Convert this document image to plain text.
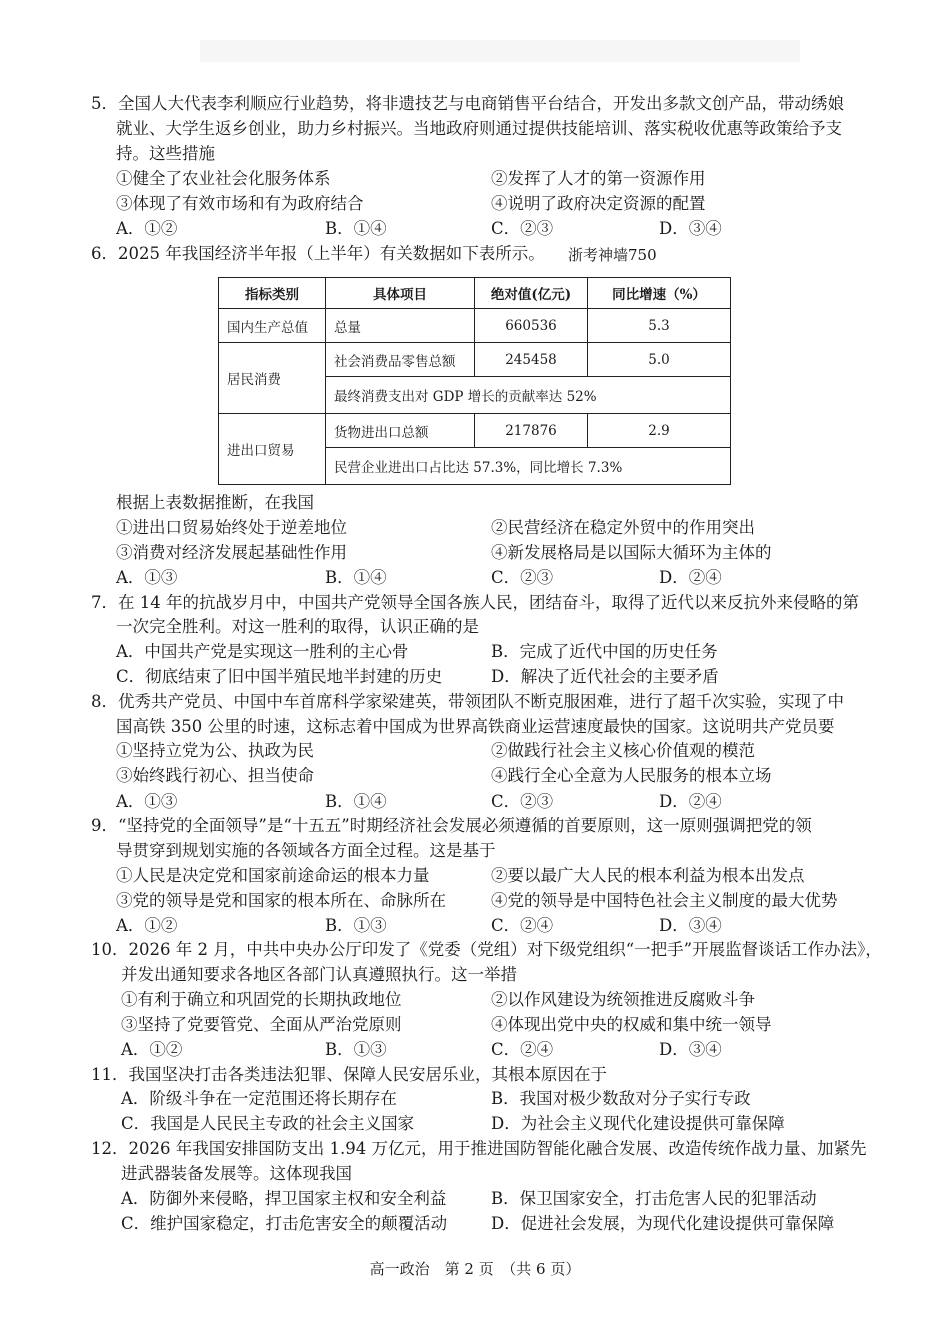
5．全国人大代表李利顺应行业趋势，将非遗技艺与电商销售平台结合，开发出多款文创产品，带动绣娘
就业、大学生返乡创业，助力乡村振兴。当地政府则通过提供技能培训、落实税收优惠等政策给予支
持。这些措施
①健全了农业社会化服务体系	②发挥了人才的第一资源作用
③体现了有效市场和有为政府结合	④说明了政府决定资源的配置
A．①②	B．①④	C．②③	D．③④
6．2025 年我国经济半年报（上半年）有关数据如下表所示。 浙考神墙750
指标类别	具体项目	绝对值(亿元)	同比增速（%）
国内生产总值	总量	660536	5.3
居民消费	社会消费品零售总额	245458	5.0
	最终消费支出对 GDP 增长的贡献率达 52%		
进出口贸易	货物进出口总额	217876	2.9
	民营企业进出口占比达 57.3%，同比增长 7.3%		
根据上表数据推断，在我国
①进出口贸易始终处于逆差地位	②民营经济在稳定外贸中的作用突出
③消费对经济发展起基础性作用	④新发展格局是以国际大循环为主体的
A．①③	B．①④	C．②③	D．②④
7．在 14 年的抗战岁月中，中国共产党领导全国各族人民，团结奋斗，取得了近代以来反抗外来侵略的第
一次完全胜利。对这一胜利的取得，认识正确的是
A．中国共产党是实现这一胜利的主心骨	B．完成了近代中国的历史任务
C．彻底结束了旧中国半殖民地半封建的历史	D．解决了近代社会的主要矛盾
8．优秀共产党员、中国中车首席科学家梁建英，带领团队不断克服困难，进行了超千次实验，实现了中
国高铁 350 公里的时速，这标志着中国成为世界高铁商业运营速度最快的国家。这说明共产党员要
①坚持立党为公、执政为民	②做践行社会主义核心价值观的模范
③始终践行初心、担当使命	④践行全心全意为人民服务的根本立场
A．①③	B．①④	C．②③	D．②④
9．“坚持党的全面领导”是“十五五”时期经济社会发展必须遵循的首要原则，这一原则强调把党的领
导贯穿到规划实施的各领域各方面全过程。这是基于
①人民是决定党和国家前途命运的根本力量	②要以最广大人民的根本利益为根本出发点
③党的领导是党和国家的根本所在、命脉所在	④党的领导是中国特色社会主义制度的最大优势
A．①②	B．①③	C．②④	D．③④
10．2026 年 2 月，中共中央办公厅印发了《党委（党组）对下级党组织“一把手”开展监督谈话工作办法》，
并发出通知要求各地区各部门认真遵照执行。这一举措
①有利于确立和巩固党的长期执政地位	②以作风建设为统领推进反腐败斗争
③坚持了党要管党、全面从严治党原则	④体现出党中央的权威和集中统一领导
A．①②	B．①③	C．②④	D．③④
11．我国坚决打击各类违法犯罪、保障人民安居乐业，其根本原因在于
A．阶级斗争在一定范围还将长期存在	B．我国对极少数敌对分子实行专政
C．我国是人民民主专政的社会主义国家	D．为社会主义现代化建设提供可靠保障
12．2026 年我国安排国防支出 1.94 万亿元，用于推进国防智能化融合发展、改造传统作战力量、加紧先
进武器装备发展等。这体现我国
A．防御外来侵略，捍卫国家主权和安全利益	B．保卫国家安全，打击危害人民的犯罪活动
C．维护国家稳定，打击危害安全的颠覆活动	D．促进社会发展，为现代化建设提供可靠保障
高一政治　第 2 页　（共 6 页）
